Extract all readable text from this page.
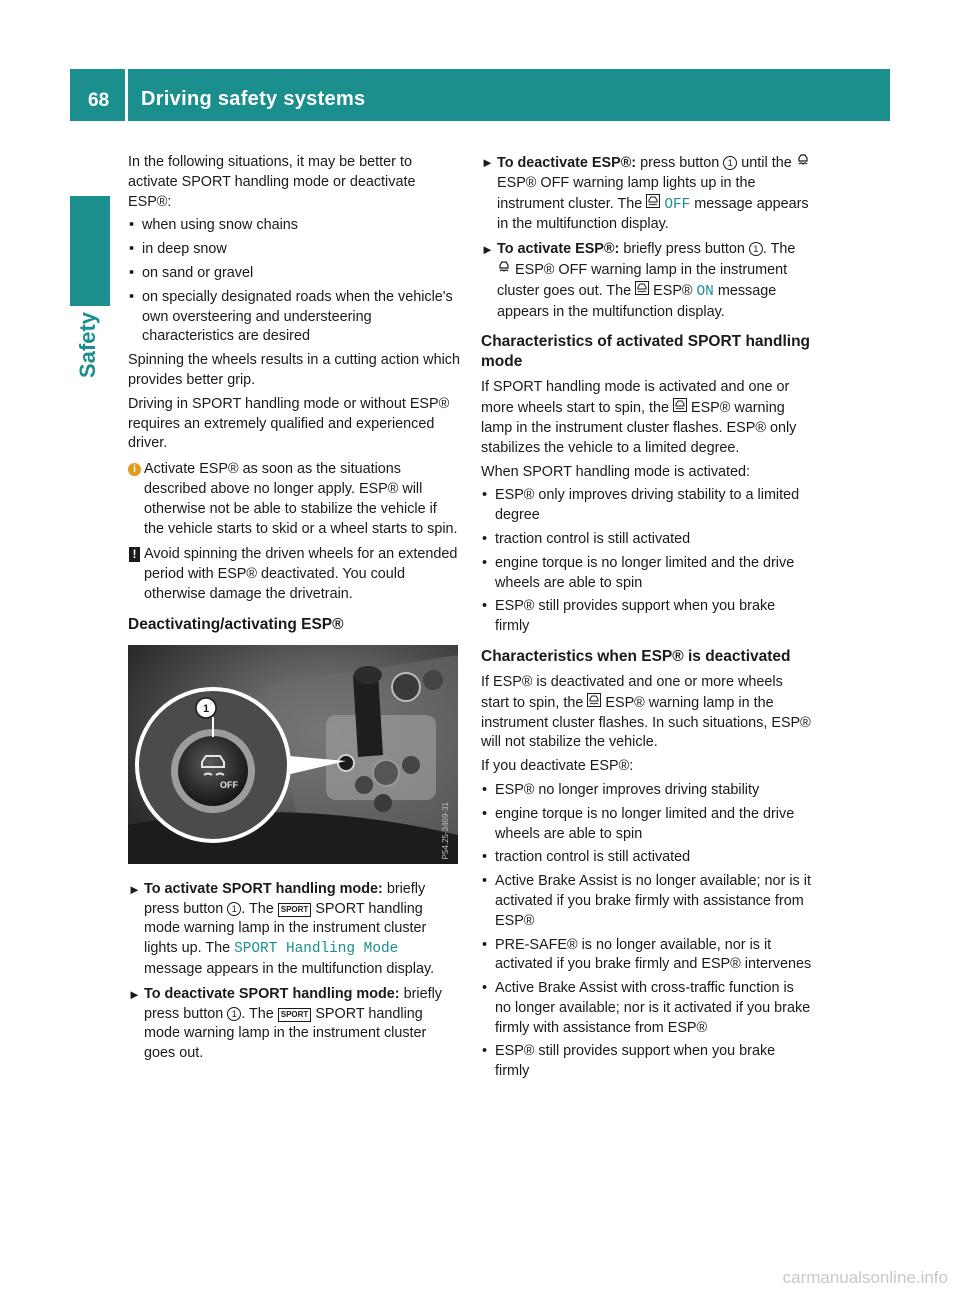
68 Driving safety systems
Safety

In the following situations, it may be better to activate SPORT handling mode or deactivate ESP®:

• when using snow chains
• in deep snow
• on sand or gravel
• on specially designated roads when the vehicle's own oversteering and understeering characteristics are desired

Spinning the wheels results in a cutting action which provides better grip.

Driving in SPORT handling mode or without ESP® requires an extremely qualified and experienced driver.

i Activate ESP® as soon as the situations described above no longer apply. ESP® will otherwise not be able to stabilize the vehicle if the vehicle starts to skid or a wheel starts to spin.
! Avoid spinning the driven wheels for an extended period with ESP® deactivated. You could otherwise damage the drivetrain.
Deactivating/activating ESP®
OFF
1
P54.25-3469-31
► To activate SPORT handling mode: briefly press button 1 . The SPORT SPORT handling mode warning lamp in the instrument cluster lights up. The SPORT Handling Mode message appears in the multifunction display.
► To deactivate SPORT handling mode: briefly press button 1 . The SPORT SPORT handling mode warning lamp in the instrument cluster goes out.
► To deactivate ESP®: press button 1 until the  ESP® OFF warning lamp lights up in the instrument cluster. The OFF message appears in the multifunction display.
► To activate ESP®: briefly press button 1 . The  ESP® OFF warning lamp in the instrument cluster goes out. The ESP® ON message appears in the multifunction display.
Characteristics of activated SPORT handling mode

If SPORT handling mode is activated and one or more wheels start to spin, the ESP® warning lamp in the instrument cluster flashes. ESP® only stabilizes the vehicle to a limited degree.

When SPORT handling mode is activated:

• ESP® only improves driving stability to a limited degree
• traction control is still activated
• engine torque is no longer limited and the drive wheels are able to spin
• ESP® still provides support when you brake firmly
Characteristics when ESP® is deactivated

If ESP® is deactivated and one or more wheels start to spin, the ESP® warning lamp in the instrument cluster flashes. In such situations, ESP® will not stabilize the vehicle.

If you deactivate ESP®:

• ESP® no longer improves driving stability
• engine torque is no longer limited and the drive wheels are able to spin
• traction control is still activated
• Active Brake Assist is no longer available; nor is it activated if you brake firmly with assistance from ESP®
• PRE-SAFE® is no longer available, nor is it activated if you brake firmly and ESP® intervenes
• Active Brake Assist with cross-traffic function is no longer available; nor is it activated if you brake firmly with assistance from ESP®
• ESP® still provides support when you brake firmly
carmanualsonline.info
